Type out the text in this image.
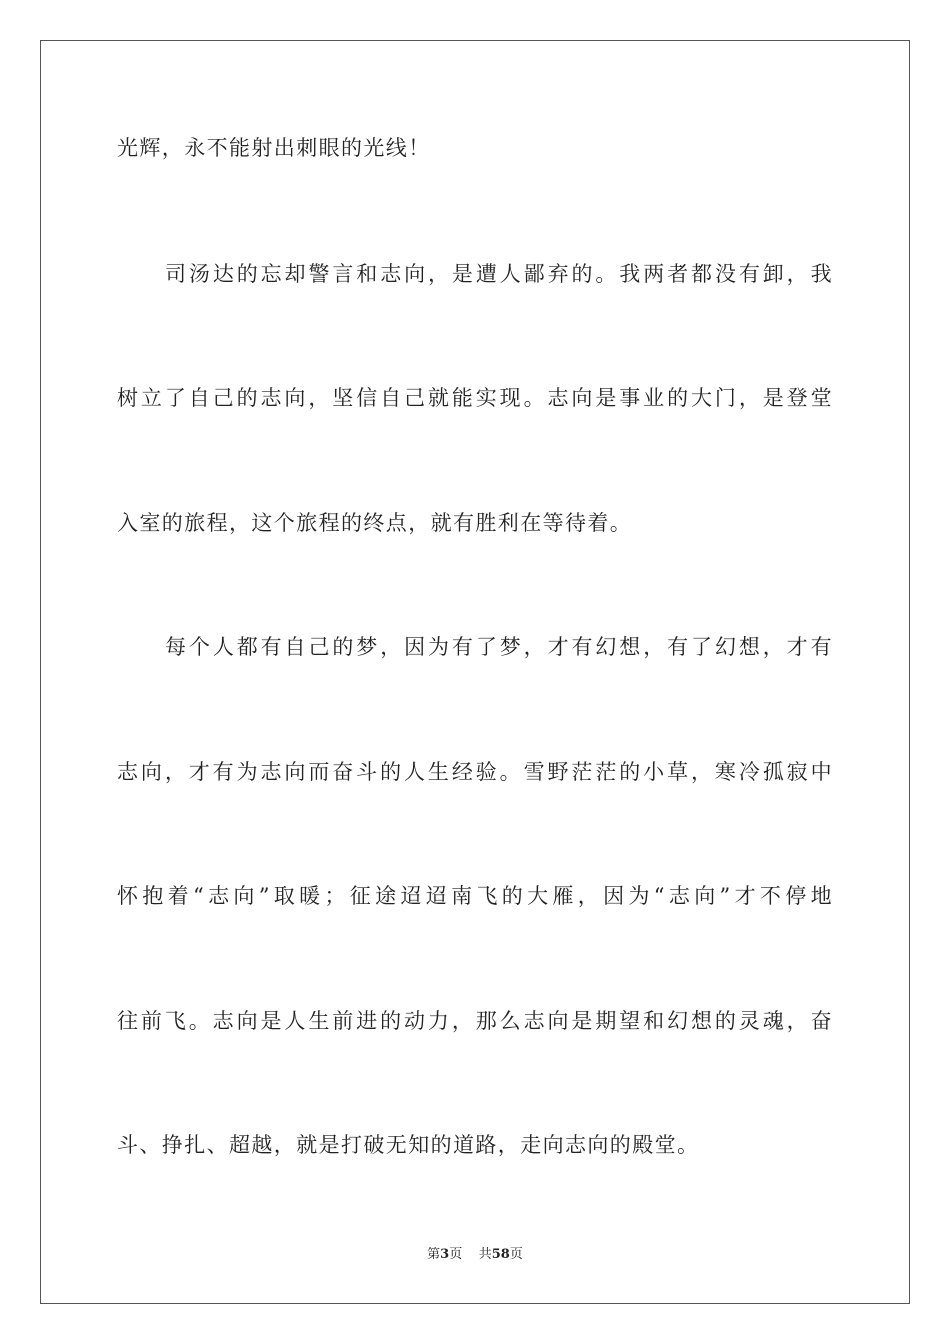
光辉，永不能射出刺眼的光线！
司汤达的忘却警言和志向，是遭人鄙弃的。我两者都没有卸，我
树立了自己的志向，坚信自己就能实现。志向是事业的大门，是登堂
入室的旅程，这个旅程的终点，就有胜利在等待着。
每个人都有自己的梦，因为有了梦，才有幻想，有了幻想，才有
志向，才有为志向而奋斗的人生经验。雪野茫茫的小草，寒冷孤寂中
怀抱着“志向”取暖；征途迢迢南飞的大雁，因为“志向”才不停地
往前飞。志向是人生前进的动力，那么志向是期望和幻想的灵魂，奋
斗、挣扎、超越，就是打破无知的道路，走向志向的殿堂。
第3页 共58页
